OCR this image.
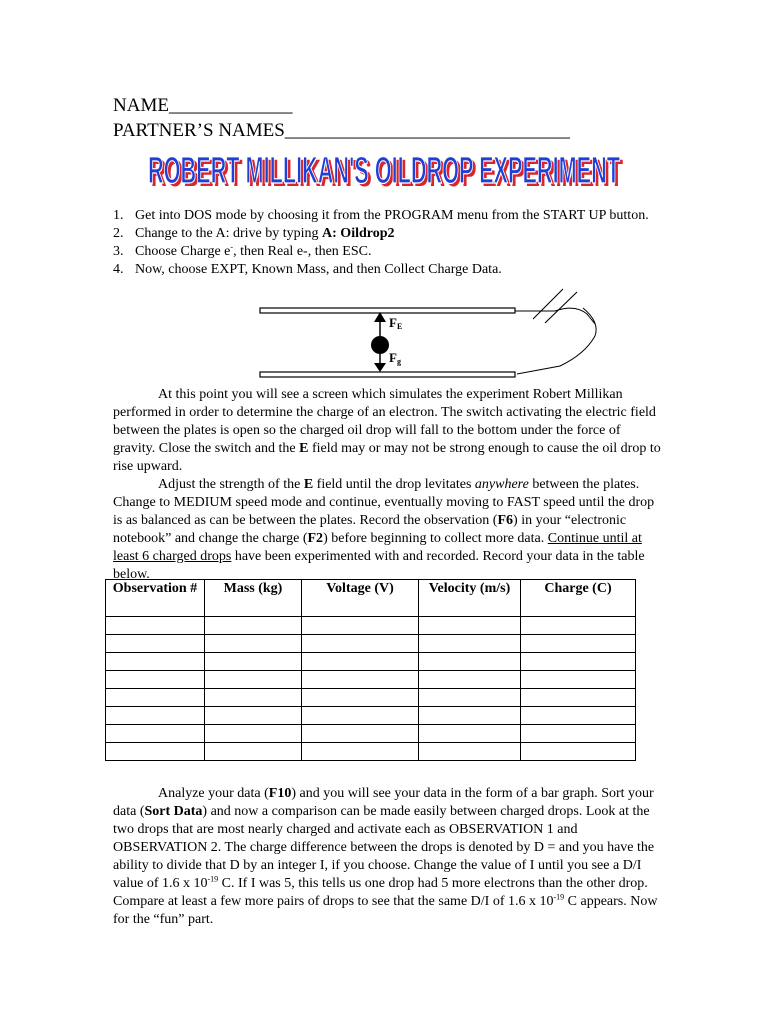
NAME_____________
PARTNER’S NAMES______________________________
ROBERT MILLIKAN'S OILDROP EXPERIMENT
ROBERT MILLIKAN'S OILDROP EXPERIMENT
1. Get into DOS mode by choosing it from the PROGRAM menu from the START UP button.
2. Change to the A: drive by typing A: Oildrop2
3. Choose Charge e-, then Real e-, then ESC.
4. Now, choose EXPT, Known Mass, and then Collect Charge Data.
FE
Fg
At this point you will see a screen which simulates the experiment Robert Millikan performed in order to determine the charge of an electron. The switch activating the electric field between the plates is open so the charged oil drop will fall to the bottom under the force of gravity. Close the switch and the E field may or may not be strong enough to cause the oil drop to rise upward.
Adjust the strength of the E field until the drop levitates anywhere between the plates. Change to MEDIUM speed mode and continue, eventually moving to FAST speed until the drop is as balanced as can be between the plates. Record the observation (F6) in your “electronic notebook” and change the charge (F2) before beginning to collect more data. Continue until at least 6 charged drops have been experimented with and recorded. Record your data in the table below.
Observation #	Mass (kg)	Voltage (V)	Velocity (m/s)	Charge (C)

Analyze your data (F10) and you will see your data in the form of a bar graph. Sort your data (Sort Data) and now a comparison can be made easily between charged drops. Look at the two drops that are most nearly charged and activate each as OBSERVATION 1 and OBSERVATION 2. The charge difference between the drops is denoted by D = and you have the ability to divide that D by an integer I, if you choose. Change the value of I until you see a D/I value of 1.6 x $10^{-19}$ C. If I was 5, this tells us one drop had 5 more electrons than the other drop. Compare at least a few more pairs of drops to see that the same D/I of 1.6 x $10^{-19}$ C appears. Now for the “fun” part.
